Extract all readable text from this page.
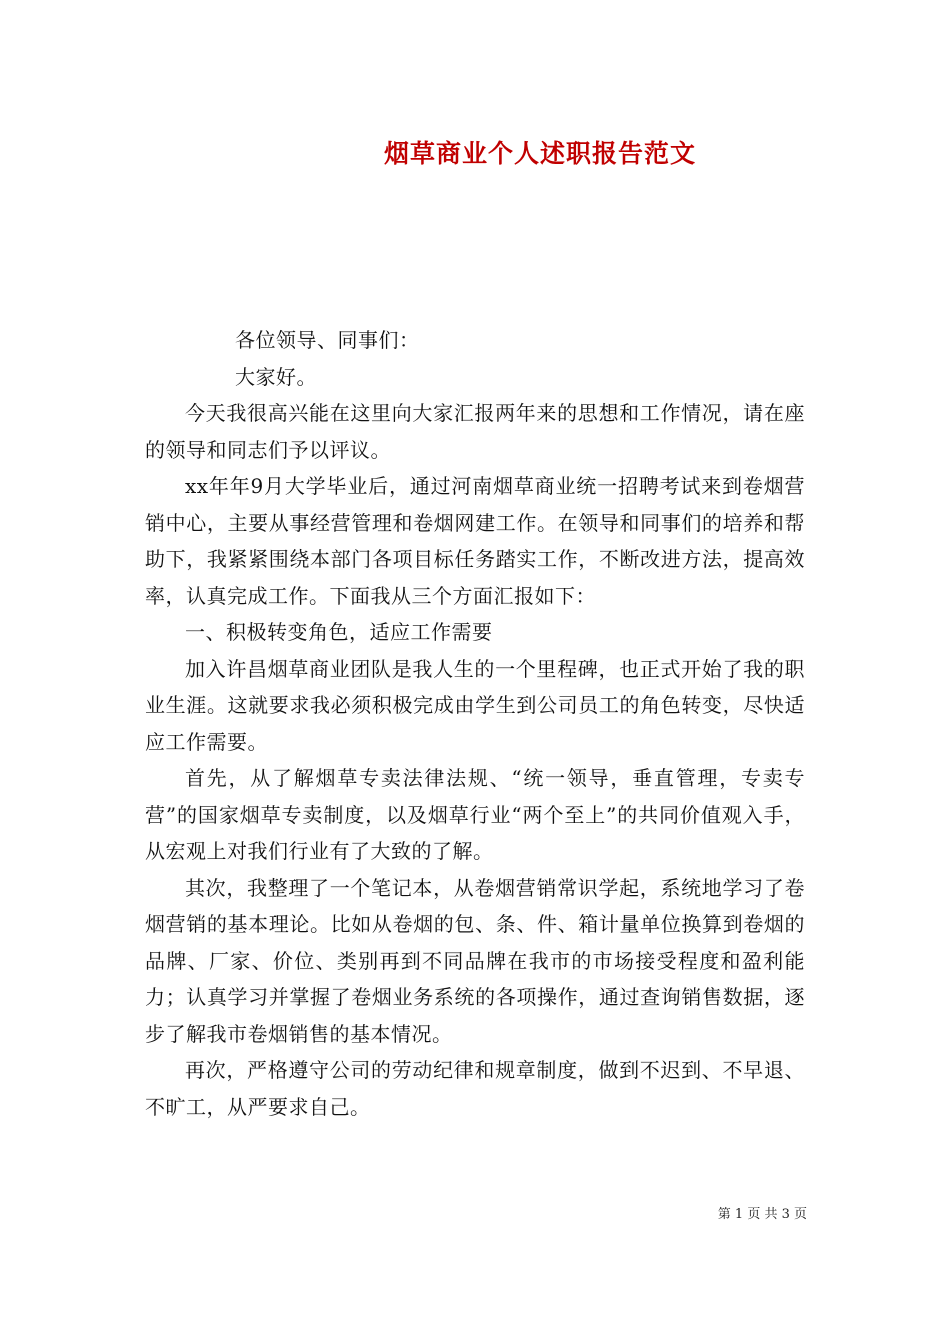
烟草商业个人述职报告范文

各位领导、同事们：

大家好。

今天我很高兴能在这里向大家汇报两年来的思想和工作情况，请在座的领导和同志们予以评议。

xx年年9月大学毕业后，通过河南烟草商业统一招聘考试来到卷烟营销中心，主要从事经营管理和卷烟网建工作。在领导和同事们的培养和帮助下，我紧紧围绕本部门各项目标任务踏实工作，不断改进方法，提高效率，认真完成工作。下面我从三个方面汇报如下：

一、积极转变角色，适应工作需要

加入许昌烟草商业团队是我人生的一个里程碑，也正式开始了我的职业生涯。这就要求我必须积极完成由学生到公司员工的角色转变，尽快适应工作需要。

首先，从了解烟草专卖法律法规、“统一领导，垂直管理，专卖专营”的国家烟草专卖制度，以及烟草行业“两个至上”的共同价值观入手，从宏观上对我们行业有了大致的了解。

其次，我整理了一个笔记本，从卷烟营销常识学起，系统地学习了卷烟营销的基本理论。比如从卷烟的包、条、件、箱计量单位换算到卷烟的品牌、厂家、价位、类别再到不同品牌在我市的市场接受程度和盈利能力；认真学习并掌握了卷烟业务系统的各项操作，通过查询销售数据，逐步了解我市卷烟销售的基本情况。

再次，严格遵守公司的劳动纪律和规章制度，做到不迟到、不早退、不旷工，从严要求自己。

第 1 页 共 3 页
